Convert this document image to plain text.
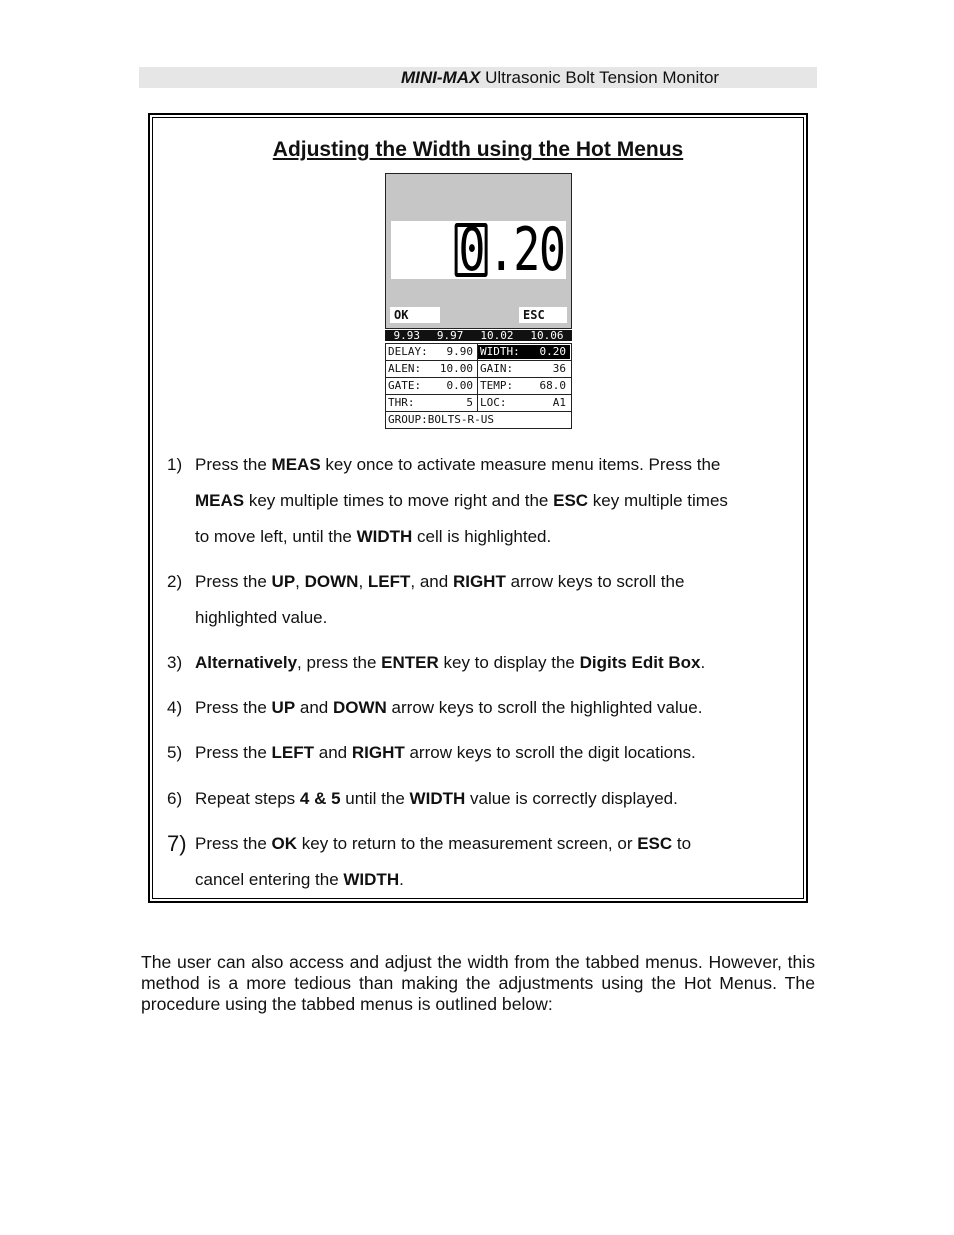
MINI-MAX Ultrasonic Bolt Tension Monitor
Adjusting the Width using the Hot Menus
0 .20
OK	ESC
9.93 9.97 10.02 10.06
DELAY: 9.90 WIDTH: 0.20
ALEN: 10.00 GAIN:	36
GATE: 0.00 TEMP: 68.0
THR:	5 LOC:	A1
GROUP:BOLTS-R-US
1) Press the MEAS key once to activate measure menu items. Press the
MEAS key multiple times to move right and the ESC key multiple times
to move left, until the WIDTH cell is highlighted.
2) Press the UP, DOWN, LEFT, and RIGHT arrow keys to scroll the
highlighted value.
3) Alternatively, press the ENTER key to display the Digits Edit Box.
4) Press the UP and DOWN arrow keys to scroll the highlighted value.
5) Press the LEFT and RIGHT arrow keys to scroll the digit locations.
6) Repeat steps 4 & 5 until the WIDTH value is correctly displayed.
7) Press the OK key to return to the measurement screen, or ESC to
cancel entering the WIDTH.
The user can also access and adjust the width from the tabbed menus. However, this method is a more tedious than making the adjustments using the Hot Menus. The procedure using the tabbed menus is outlined below:
